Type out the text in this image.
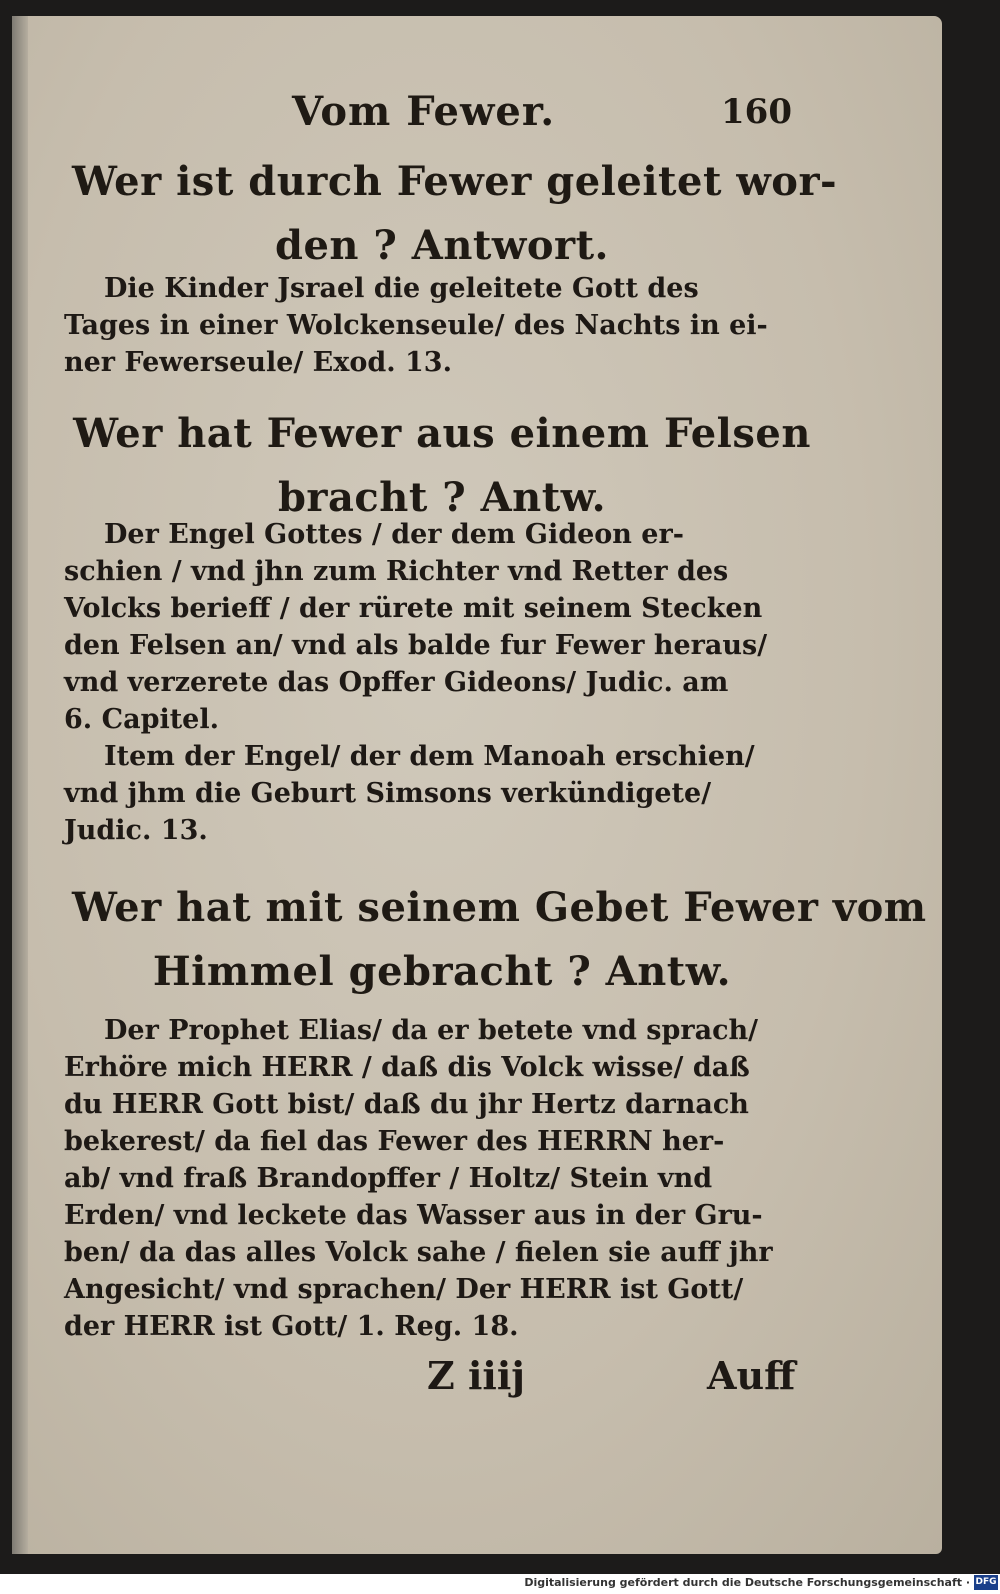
Vom Fewer.	160
Wer ist durch Fewer geleitet wor-
den ? Antwort.
Die Kinder Jsrael die geleitete Gott des
Tages in einer Wolckenseule/ des Nachts in ei-
ner Fewerseule/ Exod. 13.
Wer hat Fewer aus einem Felsen
bracht ? Antw.
Der Engel Gottes / der dem Gideon er-
schien / vnd jhn zum Richter vnd Retter des
Volcks berieff / der rürete mit seinem Stecken
den Felsen an/ vnd als balde fur Fewer heraus/
vnd verzerete das Opffer Gideons/ Judic. am
6. Capitel.
Item der Engel/ der dem Manoah erschien/
vnd jhm die Geburt Simsons verkündigete/
Judic. 13.
Wer hat mit seinem Gebet Fewer vom
Himmel gebracht ? Antw.
Der Prophet Elias/ da er betete vnd sprach/
Erhöre mich HERR / daß dis Volck wisse/ daß
du HERR Gott bist/ daß du jhr Hertz darnach
bekerest/ da fiel das Fewer des HERRN her-
ab/ vnd fraß Brandopffer / Holtz/ Stein vnd
Erden/ vnd leckete das Wasser aus in der Gru-
ben/ da das alles Volck sahe / fielen sie auff jhr
Angesicht/ vnd sprachen/ Der HERR ist Gott/
der HERR ist Gott/ 1. Reg. 18.
Z iiij	Auff
Digitalisierung gefördert durch die Deutsche Forschungsgemeinschaft · DFG
